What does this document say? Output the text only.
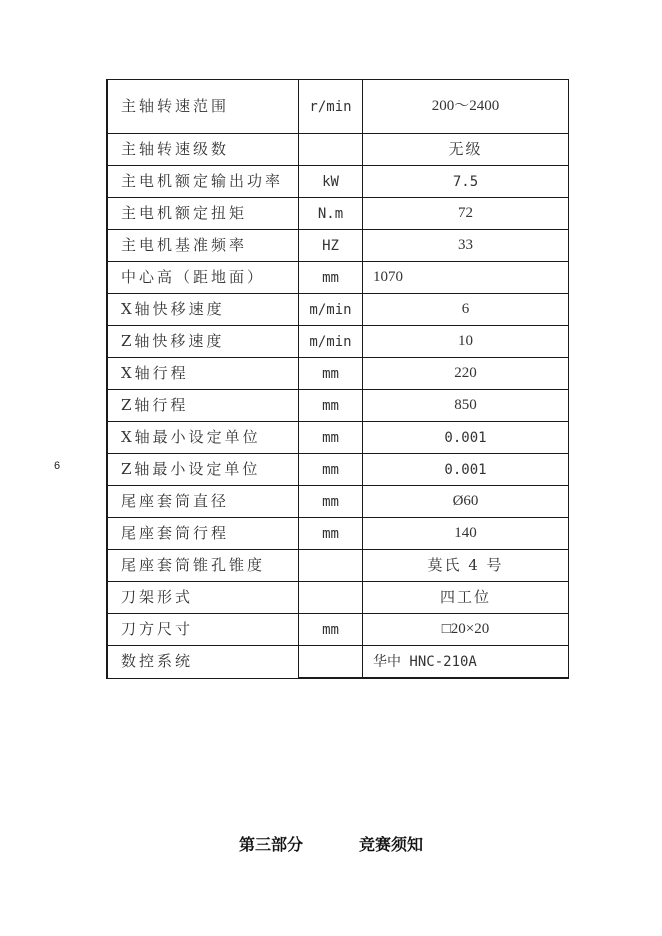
6
主轴转速范围	r/min	200～2400
主轴转速级数		无级
主电机额定输出功率	kW	7.5
主电机额定扭矩	N.m	72
主电机基准频率	HZ	33
中心高（距地面）	mm	1070
X轴快移速度	m/min	6
Z轴快移速度	m/min	10
X轴行程	mm	220
Z轴行程	mm	850
X轴最小设定单位	mm	0.001
Z轴最小设定单位	mm	0.001
尾座套筒直径	mm	Ø60
尾座套筒行程	mm	140
尾座套筒锥孔锥度		莫氏 4 号
刀架形式		四工位
刀方尺寸	mm	□20×20
数控系统		华中 HNC-210A
第三部分	竞赛须知
